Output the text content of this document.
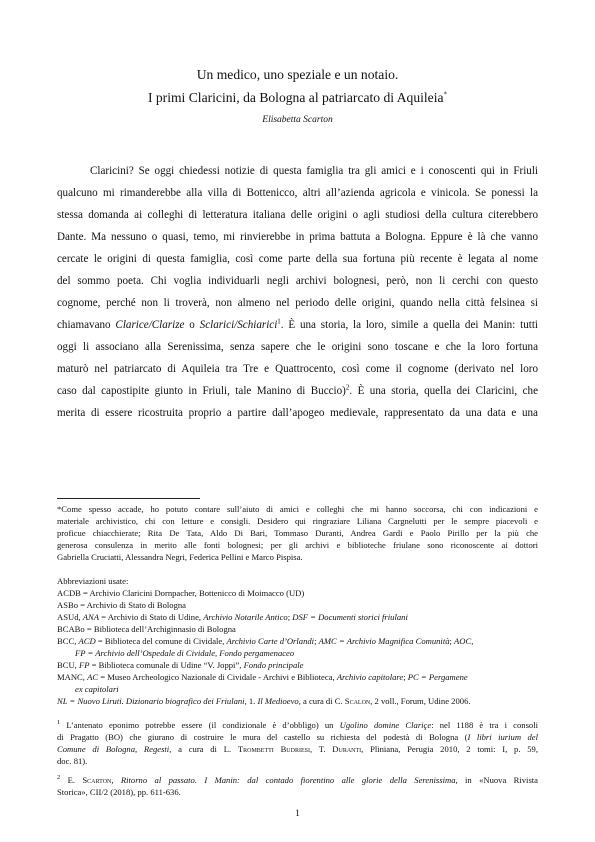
Un medico, uno speziale e un notaio.
I primi Claricini, da Bologna al patriarcato di Aquileia*
Elisabetta Scarton
Claricini? Se oggi chiedessi notizie di questa famiglia tra gli amici e i conoscenti qui in Friuli
qualcuno mi rimanderebbe alla villa di Bottenicco, altri all’azienda agricola e vinicola. Se ponessi la
stessa domanda ai colleghi di letteratura italiana delle origini o agli studiosi della cultura citerebbero
Dante. Ma nessuno o quasi, temo, mi rinvierebbe in prima battuta a Bologna. Eppure è là che vanno
cercate le origini di questa famiglia, così come parte della sua fortuna più recente è legata al nome
del sommo poeta. Chi voglia individuarli negli archivi bolognesi, però, non li cerchi con questo
cognome, perché non li troverà, non almeno nel periodo delle origini, quando nella città felsinea si
chiamavano Clarice/Clarize o Sclarici/Schiarici$^1$. È una storia, la loro, simile a quella dei Manin: tutti
oggi li associano alla Serenissima, senza sapere che le origini sono toscane e che la loro fortuna
maturò nel patriarcato di Aquileia tra Tre e Quattrocento, così come il cognome (derivato nel loro
caso dal capostipite giunto in Friuli, tale Manino di Buccio)$^2$. È una storia, quella dei Claricini, che
merita di essere ricostruita proprio a partire dall’apogeo medievale, rappresentato da una data e una
*Come spesso accade, ho potuto contare sull’aiuto di amici e colleghi che mi hanno soccorsa, chi con indicazioni e
materiale archivistico, chi con letture e consigli. Desidero qui ringraziare Liliana Cargnelutti per le sempre piacevoli e
proficue chiacchierate; Rita De Tata, Aldo Di Bari, Tommaso Duranti, Andrea Gardi e Paolo Pirillo per la più che
generosa consulenza in merito alle fonti bolognesi; per gli archivi e biblioteche friulane sono riconoscente ai dottori
Gabriella Cruciatti, Alessandra Negri, Federica Pellini e Marco Pispisa.
Abbreviazioni usate:
ACDB = Archivio Claricini Dornpacher, Bottenicco di Moimacco (UD)
ASBo = Archivio di Stato di Bologna
ASUd, ANA = Archivio di Stato di Udine, Archivio Notarile Antico; DSF = Documenti storici friulani
BCABo = Biblioteca dell’Archiginnasio di Bologna
BCC, ACD = Biblioteca del comune di Cividale, Archivio Carte d’Orlandi; AMC = Archivio Magnifica Comunità; AOC,
FP = Archivio dell’Ospedale di Cividale, Fondo pergamenaceo
BCU, FP = Biblioteca comunale di Udine “V. Joppi”, Fondo principale
MANC, AC = Museo Archeologico Nazionale di Cividale - Archivi e Biblioteca, Archivio capitolare; PC = Pergamene
ex capitolari
NL = Nuovo Liruti. Dizionario biografico dei Friulani, 1. Il Medioevo, a cura di C. Scalon, 2 voll., Forum, Udine 2006.
$^1$ L’antenato eponimo potrebbe essere (il condizionale è d’obbligo) un Ugolino domine Clariçe: nel 1188 è tra i consoli
di Pragatto (BO) che giurano di costruire le mura del castello su richiesta del podestà di Bologna (I libri iurium del
Comune di Bologna, Regesti, a cura di L. Trombetti Budriesi, T. Duranti, Pliniana, Perugia 2010, 2 tomi: I, p. 59,
doc. 81).
$^2$ E. Scarton, Ritorno al passato. I Manin: dal contado fiorentino alle glorie della Serenissima, in «Nuova Rivista
Storica», CII/2 (2018), pp. 611-636.
1
